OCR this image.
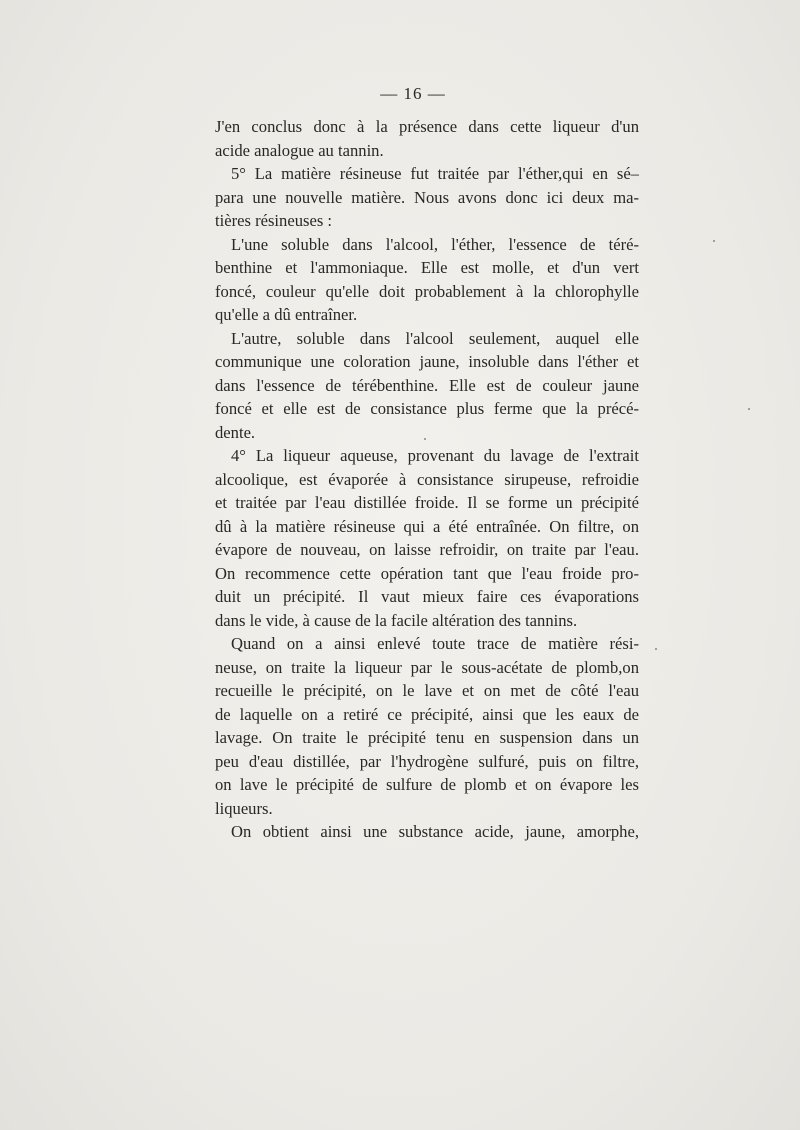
— 16 —
J'en conclus donc à la présence dans cette liqueur d'un
acide analogue au tannin.
5° La matière résineuse fut traitée par l'éther,qui en sé–
para une nouvelle matière. Nous avons donc ici deux ma-
tières résineuses :
L'une soluble dans l'alcool, l'éther, l'essence de téré-
benthine et l'ammoniaque. Elle est molle, et d'un vert
foncé, couleur qu'elle doit probablement à la chlorophylle
qu'elle a dû entraîner.
L'autre, soluble dans l'alcool seulement, auquel elle
communique une coloration jaune, insoluble dans l'éther et
dans l'essence de térébenthine. Elle est de couleur jaune
foncé et elle est de consistance plus ferme que la précé-
dente.
4° La liqueur aqueuse, provenant du lavage de l'extrait
alcoolique, est évaporée à consistance sirupeuse, refroidie
et traitée par l'eau distillée froide. Il se forme un précipité
dû à la matière résineuse qui a été entraînée. On filtre, on
évapore de nouveau, on laisse refroidir, on traite par l'eau.
On recommence cette opération tant que l'eau froide pro-
duit un précipité. Il vaut mieux faire ces évaporations
dans le vide, à cause de la facile altération des tannins.
Quand on a ainsi enlevé toute trace de matière rési-
neuse, on traite la liqueur par le sous-acétate de plomb,on
recueille le précipité, on le lave et on met de côté l'eau
de laquelle on a retiré ce précipité, ainsi que les eaux de
lavage. On traite le précipité tenu en suspension dans un
peu d'eau distillée, par l'hydrogène sulfuré, puis on filtre,
on lave le précipité de sulfure de plomb et on évapore les
liqueurs.
On obtient ainsi une substance acide, jaune, amorphe,
